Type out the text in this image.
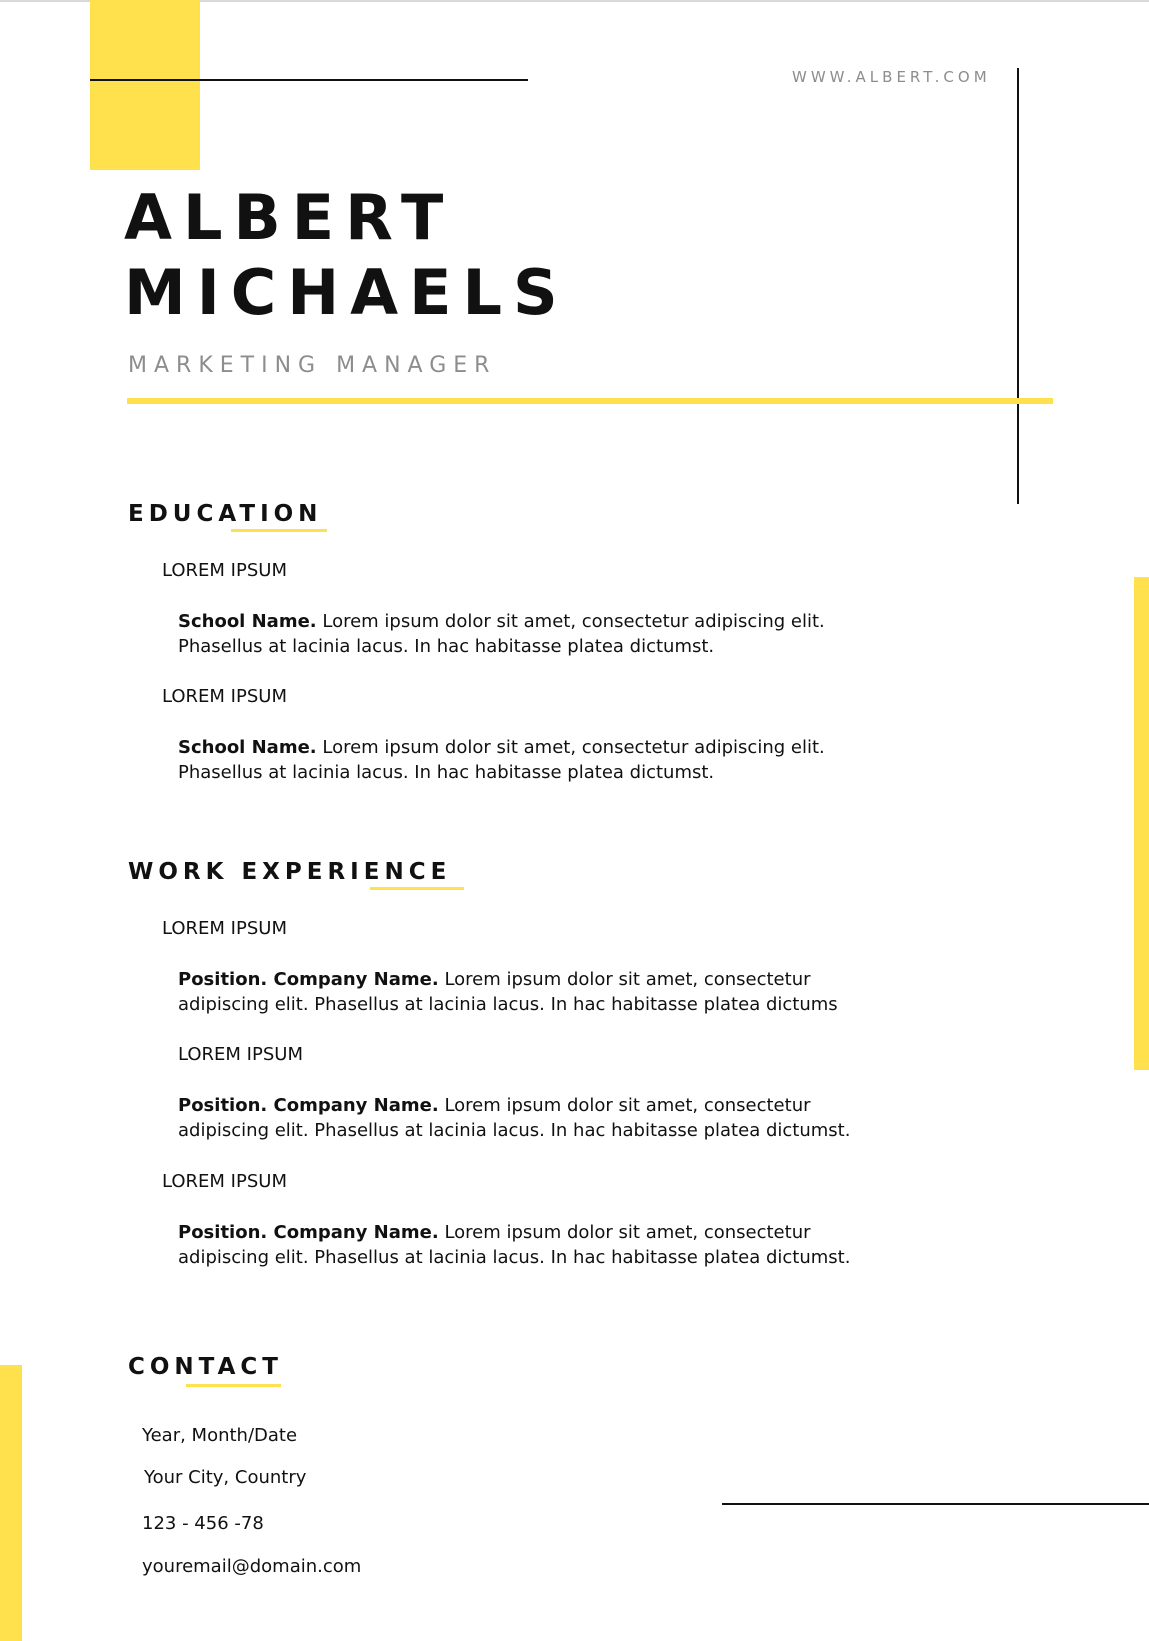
WWW.ALBERT.COM
ALBERT
MICHAELS
MARKETING MANAGER
EDUCATION
LOREM IPSUM
School Name. Lorem ipsum dolor sit amet, consectetur adipiscing elit. Phasellus at lacinia lacus. In hac habitasse platea dictumst.
LOREM IPSUM
School Name. Lorem ipsum dolor sit amet, consectetur adipiscing elit. Phasellus at lacinia lacus. In hac habitasse platea dictumst.
WORK EXPERIENCE
LOREM IPSUM
Position. Company Name. Lorem ipsum dolor sit amet, consectetur adipiscing elit. Phasellus at lacinia lacus. In hac habitasse platea dictums
LOREM IPSUM
Position. Company Name. Lorem ipsum dolor sit amet, consectetur adipiscing elit. Phasellus at lacinia lacus. In hac habitasse platea dictumst.
LOREM IPSUM
Position. Company Name. Lorem ipsum dolor sit amet, consectetur adipiscing elit. Phasellus at lacinia lacus. In hac habitasse platea dictumst.
CONTACT
Year, Month/Date
Your City, Country
123 - 456 -78
youremail@domain.com
